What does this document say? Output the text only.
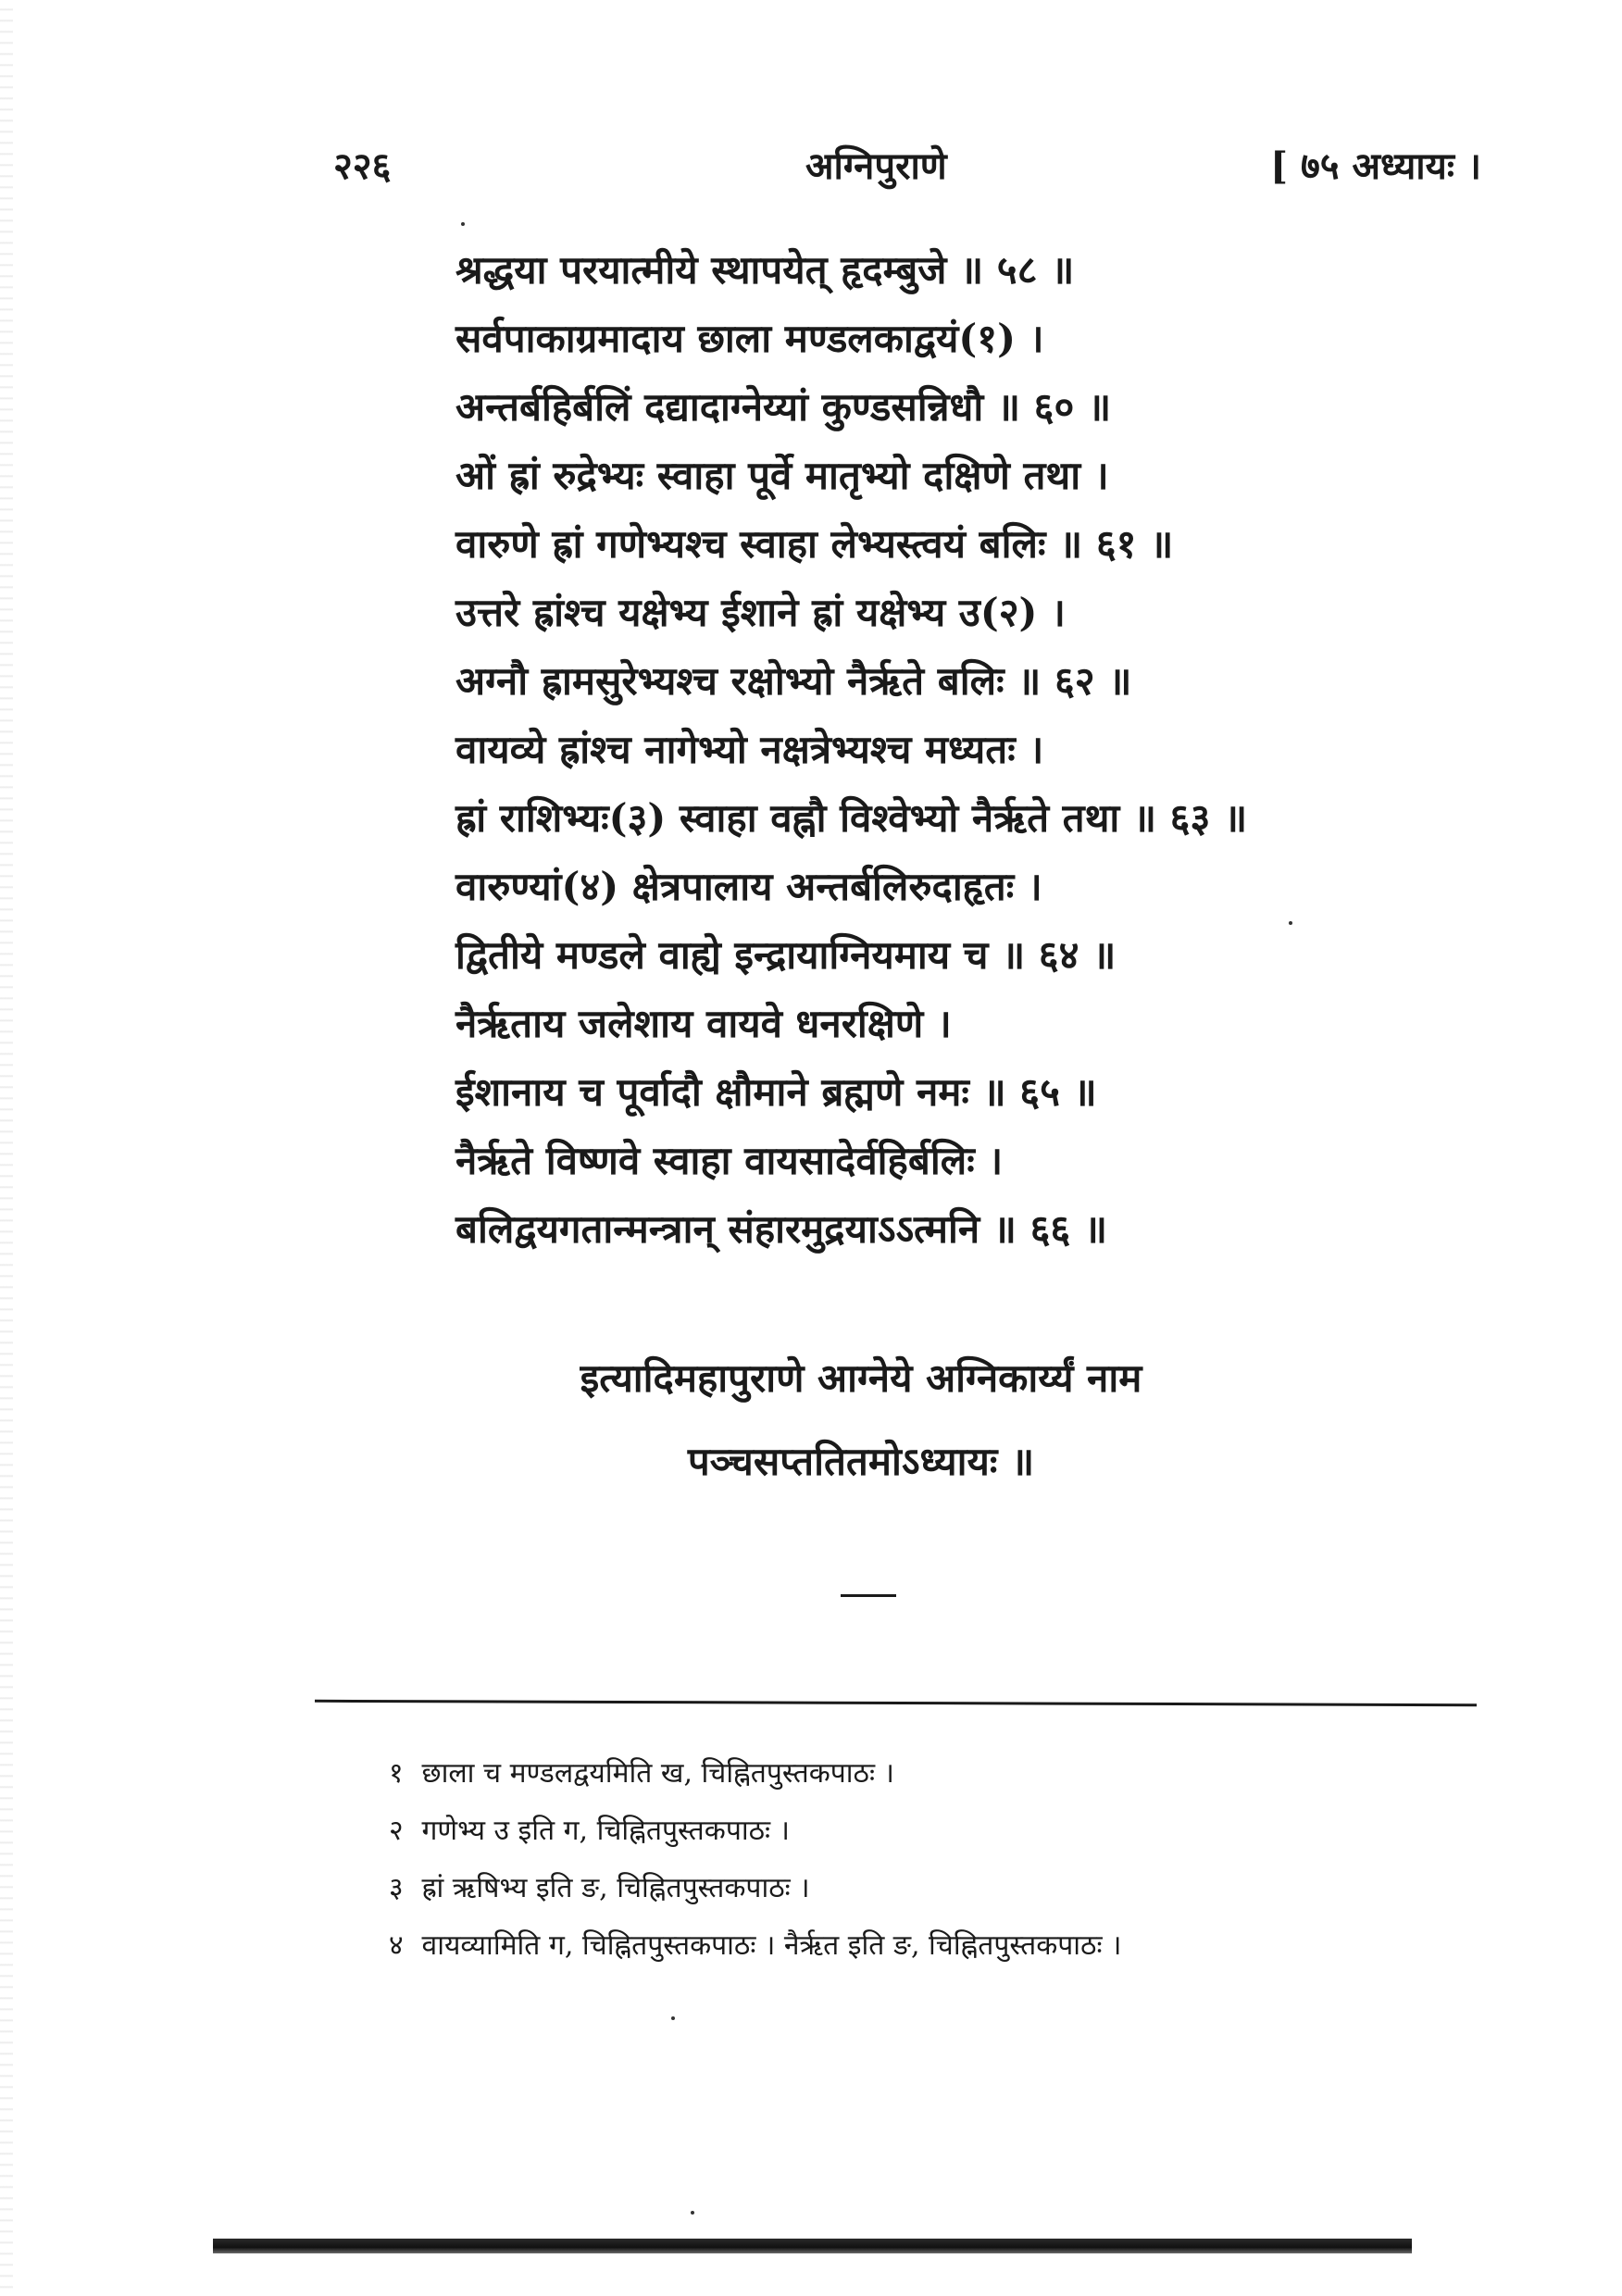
२२६	अग्निपुराणे	[ ७५ अध्यायः ।
श्रद्धया परयात्मीये स्थापयेत् हृदम्बुजे ॥ ५८ ॥
सर्वपाकाग्रमादाय छाला मण्डलकाद्वयं(१) ।
अन्तर्बहिर्बलिं दद्यादाग्नेय्यां कुण्डसन्निधौ ॥ ६० ॥
ओं ह्रां रुद्रेभ्यः स्वाहा पूर्वे मातृभ्यो दक्षिणे तथा ।
वारुणे ह्रां गणेभ्यश्च स्वाहा लेभ्यस्त्वयं बलिः ॥ ६१ ॥
उत्तरे ह्रांश्च यक्षेभ्य ईशाने ह्रां यक्षेभ्य उ(२) ।
अग्नौ ह्रामसुरेभ्यश्च रक्षोभ्यो नैर्ऋते बलिः ॥ ६२ ॥
वायव्ये ह्रांश्च नागेभ्यो नक्षत्रेभ्यश्च मध्यतः ।
ह्रां राशिभ्यः(३) स्वाहा वह्नौ विश्वेभ्यो नैर्ऋते तथा ॥ ६३ ॥
वारुण्यां(४) क्षेत्रपालाय अन्तर्बलिरुदाहृतः ।
द्वितीये मण्डले वाह्ये इन्द्रायाग्नियमाय च ॥ ६४ ॥
नैर्ऋताय जलेशाय वायवे धनरक्षिणे ।
ईशानाय च पूर्वादौ क्षौमाने ब्रह्मणे नमः ॥ ६५ ॥
नैर्ऋते विष्णवे स्वाहा वायसादेर्वहिर्बलिः ।
बलिद्वयगतान्मन्त्रान् संहारमुद्रयाऽऽत्मनि ॥ ६६ ॥
इत्यादिमहापुराणे आग्नेये अग्निकार्य्यं नाम
पञ्चसप्ततितमोऽध्यायः ॥
१ छाला च मण्डलद्वयमिति ख, चिह्नितपुस्तकपाठः ।
२ गणेभ्य उ इति ग, चिह्नितपुस्तकपाठः ।
३ ह्रां ऋषिभ्य इति ङ, चिह्नितपुस्तकपाठः ।
४ वायव्यामिति ग, चिह्नितपुस्तकपाठः । नैर्ऋत इति ङ, चिह्नितपुस्तकपाठः ।
